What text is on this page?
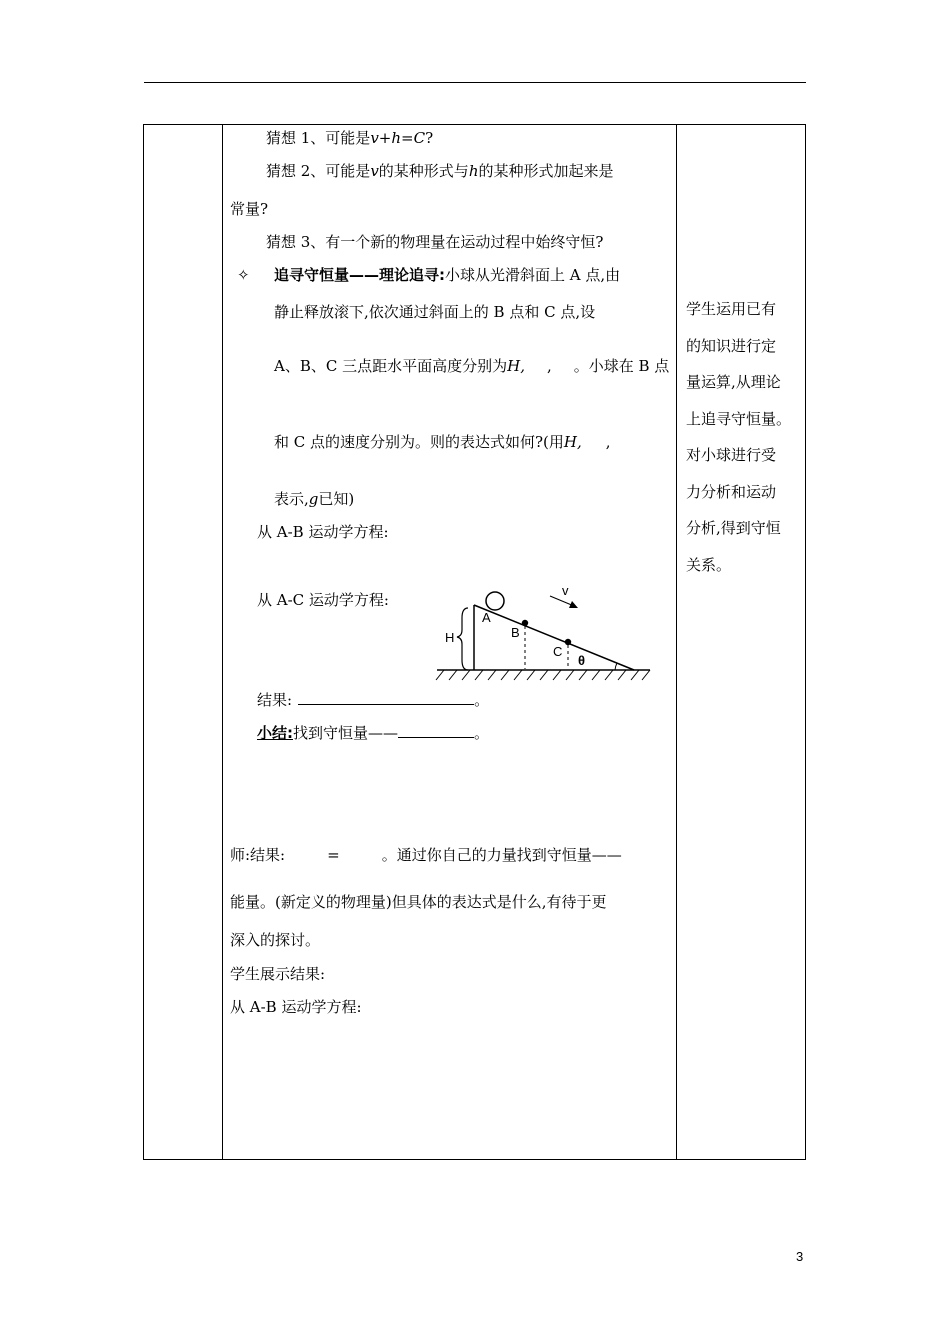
猜想 1、可能是v+h=C?
猜想 2、可能是v的某种形式与h的某种形式加起来是
常量?
猜想 3、有一个新的物理量在运动过程中始终守恒?
✧ 追寻守恒量——理论追寻:小球从光滑斜面上 A 点,由
静止释放滚下,依次通过斜面上的 B 点和 C 点,设
A、B、C 三点距水平面高度分别为H, , 。小球在 B 点
和 C 点的速度分别为。则的表达式如何?(用H, ,
表示,g已知)
从 A-B 运动学方程:
从 A-C 运动学方程:
H
A
B
C
θ
v
结果:	。
小结:找到守恒量——	。
师:结果:	=	。通过你自己的力量找到守恒量——
能量。(新定义的物理量)但具体的表达式是什么,有待于更
深入的探讨。
学生展示结果:
从 A-B 运动学方程:
学生运用已有
的知识进行定
量运算,从理论
上追寻守恒量。
对小球进行受
力分析和运动
分析,得到守恒
关系。
3
